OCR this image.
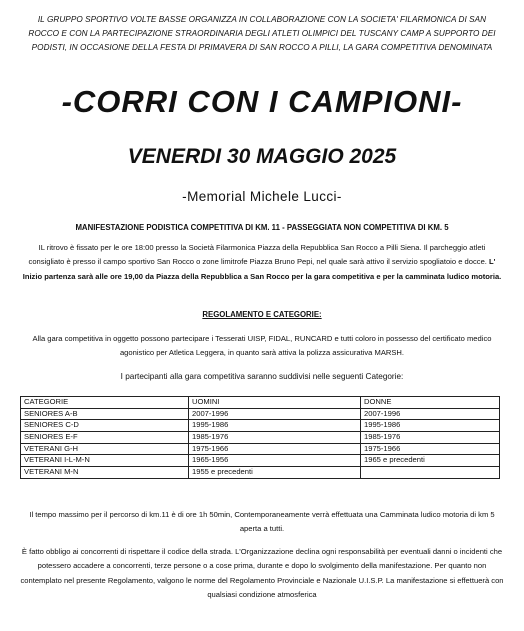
IL GRUPPO SPORTIVO VOLTE BASSE ORGANIZZA IN COLLABORAZIONE CON LA SOCIETA' FILARMONICA DI SAN ROCCO E CON LA PARTECIPAZIONE STRAORDINARIA DEGLI ATLETI OLIMPICI DEL TUSCANY CAMP A SUPPORTO DEI PODISTI, IN OCCASIONE DELLA FESTA DI PRIMAVERA DI SAN ROCCO A PILLI, LA GARA COMPETITIVA DENOMINATA
-CORRI CON I CAMPIONI-
VENERDI 30 MAGGIO 2025
-Memorial Michele Lucci-
MANIFESTAZIONE PODISTICA COMPETITIVA DI KM. 11 - PASSEGGIATA NON COMPETITIVA DI KM. 5
IL ritrovo è fissato per le ore 18:00 presso la Società Filarmonica Piazza della Repubblica San Rocco a Pilli Siena. Il parcheggio atleti consigliato è presso il campo sportivo San Rocco o zone limitrofe Piazza Bruno Pepi, nel quale sarà attivo il servizio spogliatoio e docce. L' Inizio partenza sarà alle ore 19,00 da Piazza della Repubblica a San Rocco per la gara competitiva e per la camminata ludico motoria.
REGOLAMENTO E CATEGORIE:
Alla gara competitiva in oggetto possono partecipare i Tesserati UISP, FIDAL, RUNCARD e tutti coloro in possesso del certificato medico agonistico per Atletica Leggera, in quanto sarà attiva la polizza assicurativa MARSH.
I partecipanti alla gara competitiva saranno suddivisi nelle seguenti Categorie:
CATEGORIE	UOMINI	DONNE
SENIORES A-B	2007-1996	2007-1996
SENIORES C-D	1995-1986	1995-1986
SENIORES E-F	1985-1976	1985-1976
VETERANI G-H	1975-1966	1975-1966
VETERANI I-L-M-N	1965-1956	1965 e precedenti
VETERANI M-N	1955 e precedenti	
Il tempo massimo per il percorso di km.11 è di ore 1h 50min, Contemporaneamente verrà effettuata una Camminata ludico motoria di km 5 aperta a tutti.
È fatto obbligo ai concorrenti di rispettare il codice della strada. L'Organizzazione declina ogni responsabilità per eventuali danni o incidenti che potessero accadere a concorrenti, terze persone o a cose prima, durante e dopo lo svolgimento della manifestazione. Per quanto non contemplato nel presente Regolamento, valgono le norme del Regolamento Provinciale e Nazionale U.I.S.P. La manifestazione si effettuerà con qualsiasi condizione atmosferica
